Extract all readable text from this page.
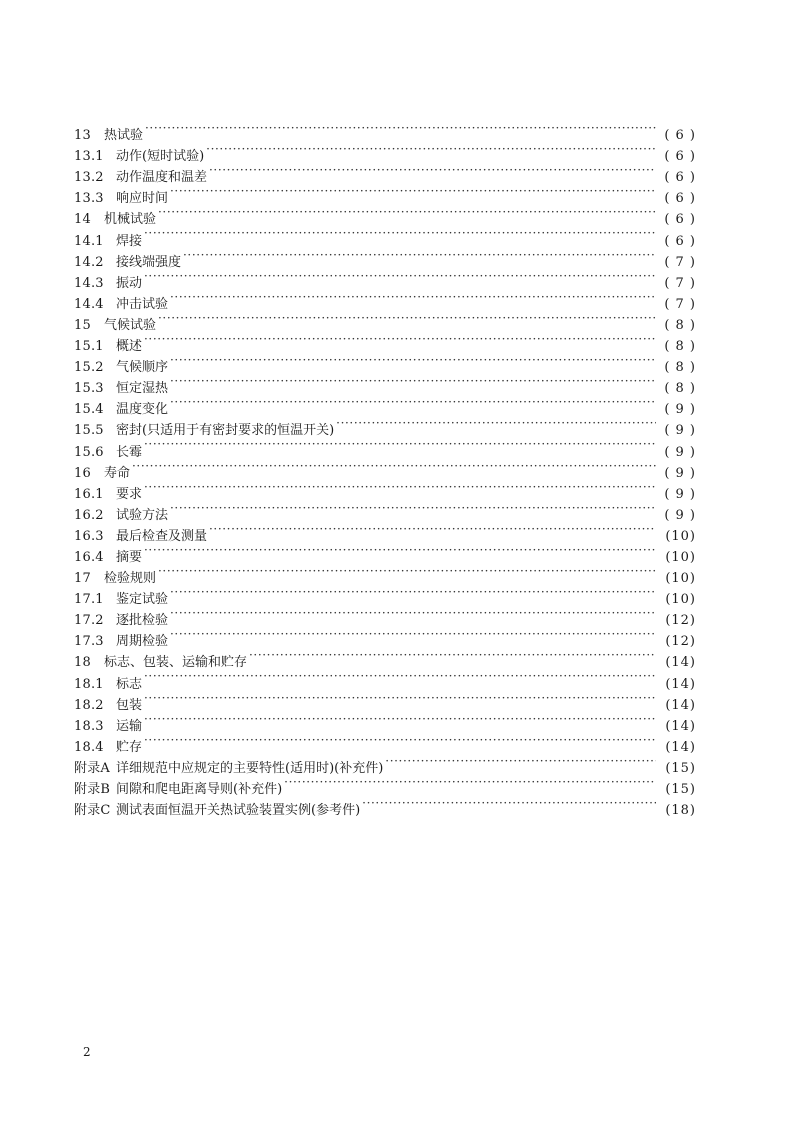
13	热试验 ·····	( 6 )
13.1 动作(短时试验) ·····	( 6 )
13.2 动作温度和温差 ·····	( 6 )
13.3 响应时间 ·····	( 6 )
14	机械试验 ·····	( 6 )
14.1 焊接 ·····	( 6 )
14.2 接线端强度 ·····	( 7 )
14.3 振动 ·····	( 7 )
14.4 冲击试验 ·····	( 7 )
15	气候试验 ·····	( 8 )
15.1 概述 ·····	( 8 )
15.2 气候顺序 ·····	( 8 )
15.3 恒定湿热 ·····	( 8 )
15.4 温度变化 ·····	( 9 )
15.5 密封(只适用于有密封要求的恒温开关) ·····	( 9 )
15.6 长霉 ·····	( 9 )
16	寿命 ·····	( 9 )
16.1 要求 ·····	( 9 )
16.2 试验方法 ·····	( 9 )
16.3 最后检查及测量 ·····	(10)
16.4 摘要 ·····	(10)
17	检验规则 ·····	(10)
17.1 鉴定试验 ·····	(10)
17.2 逐批检验 ·····	(12)
17.3 周期检验 ·····	(12)
18	标志、包装、运输和贮存 ·····	(14)
18.1 标志 ·····	(14)
18.2 包装 ·····	(14)
18.3 运输 ·····	(14)
18.4 贮存 ·····	(14)
附录A 详细规范中应规定的主要特性(适用时)(补充件) ·····	(15)
附录B 间隙和爬电距离导则(补充件) ·····	(15)
附录C 测试表面恒温开关热试验装置实例(参考件) ·····	(18)
2
